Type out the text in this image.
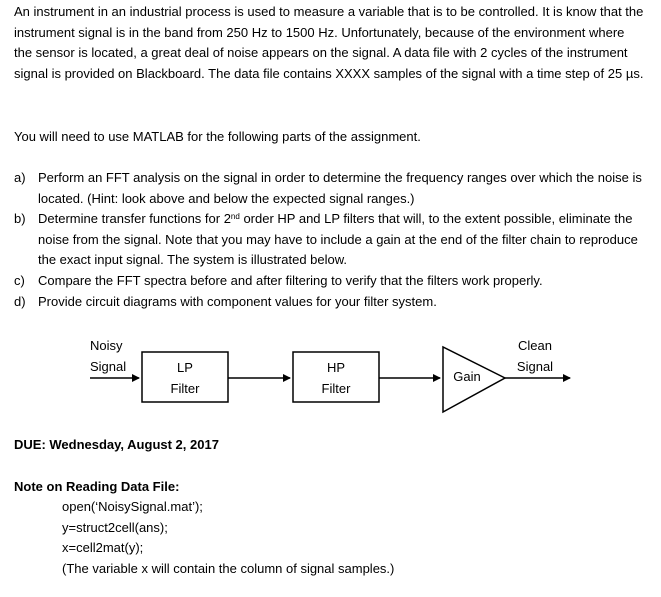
An instrument in an industrial process is used to measure a variable that is to be controlled. It is know that the instrument signal is in the band from 250 Hz to 1500 Hz. Unfortunately, because of the environment where the sensor is located, a great deal of noise appears on the signal. A data file with 2 cycles of the instrument signal is provided on Blackboard. The data file contains XXXX samples of the signal with a time step of 25 µs.

You will need to use MATLAB for the following parts of the assignment.

a) Perform an FFT analysis on the signal in order to determine the frequency ranges over which the noise is located. (Hint: look above and below the expected signal ranges.)
b) Determine transfer functions for 2nd order HP and LP filters that will, to the extent possible, eliminate the noise from the signal. Note that you may have to include a gain at the end of the filter chain to reproduce the exact input signal. The system is illustrated below.
c) Compare the FFT spectra before and after filtering to verify that the filters work properly.
d) Provide circuit diagrams with component values for your filter system.
Noisy
Signal	LP
Filter
HP
Filter
Gain
Clean
Signal

DUE: Wednesday, August 2, 2017

Note on Reading Data File:

open(‘NoisySignal.mat’);
y=struct2cell(ans);
x=cell2mat(y);
(The variable x will contain the column of signal samples.)
